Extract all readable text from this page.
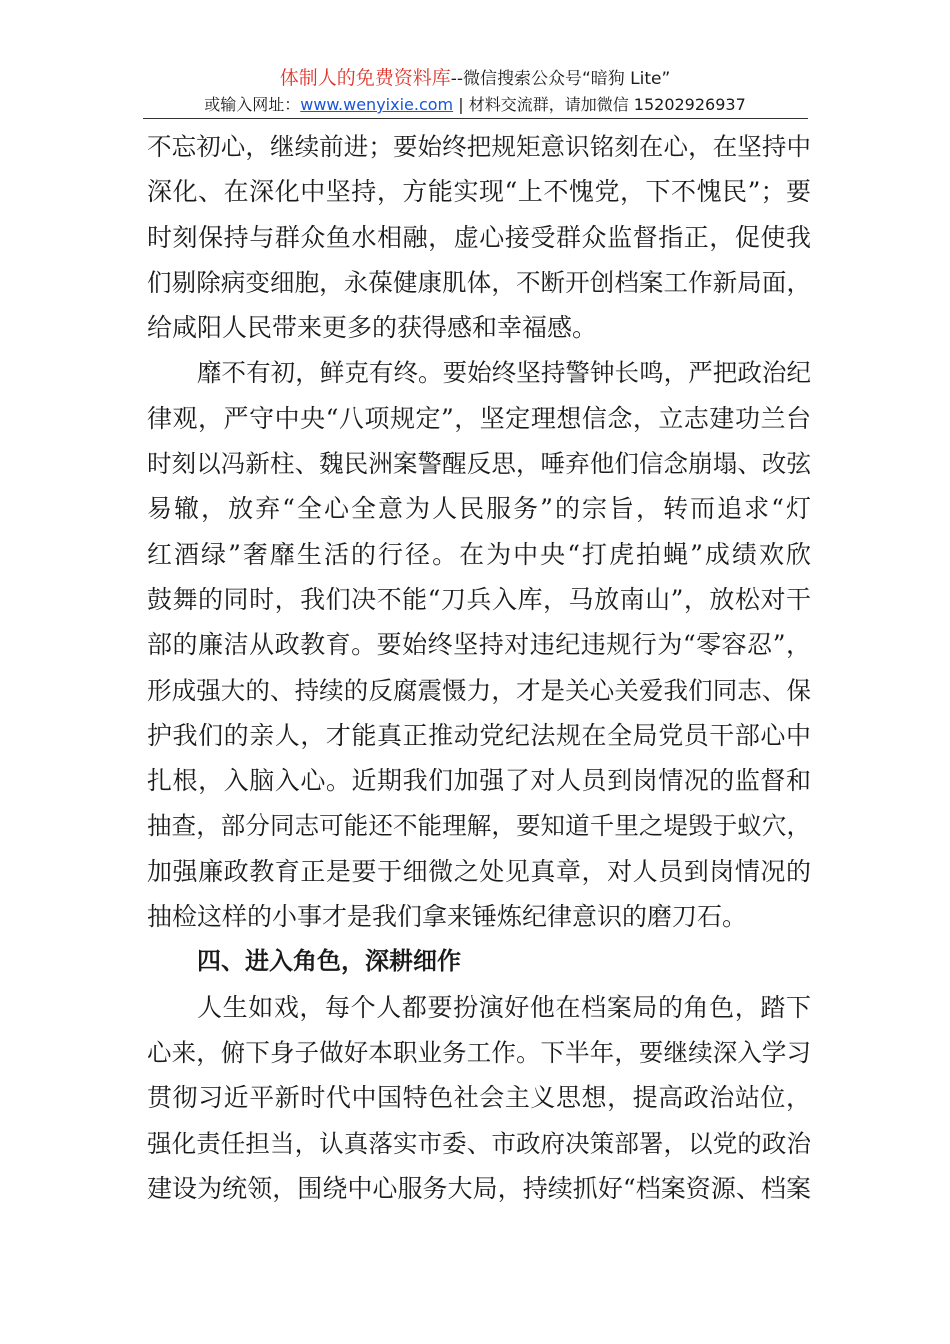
体制人的免费资料库--微信搜索公众号“暗狗 Lite”
或输入网址：www.wenyixie.com | 材料交流群，请加微信 15202926937
不忘初心，继续前进；要始终把规矩意识铭刻在心，在坚持中
深化、在深化中坚持，方能实现“上不愧党，下不愧民”；要
时刻保持与群众鱼水相融，虚心接受群众监督指正，促使我
们剔除病变细胞，永葆健康肌体，不断开创档案工作新局面，
给咸阳人民带来更多的获得感和幸福感。
靡不有初，鲜克有终。要始终坚持警钟长鸣，严把政治纪
律观，严守中央“八项规定”，坚定理想信念，立志建功兰台
时刻以冯新柱、魏民洲案警醒反思，唾弃他们信念崩塌、改弦
易辙，放弃“全心全意为人民服务”的宗旨，转而追求“灯
红酒绿”奢靡生活的行径。在为中央“打虎拍蝇”成绩欢欣
鼓舞的同时，我们决不能“刀兵入库，马放南山”，放松对干
部的廉洁从政教育。要始终坚持对违纪违规行为“零容忍”，
形成强大的、持续的反腐震慑力，才是关心关爱我们同志、保
护我们的亲人，才能真正推动党纪法规在全局党员干部心中
扎根，入脑入心。近期我们加强了对人员到岗情况的监督和
抽查，部分同志可能还不能理解，要知道千里之堤毁于蚁穴，
加强廉政教育正是要于细微之处见真章，对人员到岗情况的
抽检这样的小事才是我们拿来锤炼纪律意识的磨刀石。
四、进入角色，深耕细作
人生如戏，每个人都要扮演好他在档案局的角色，踏下
心来，俯下身子做好本职业务工作。下半年，要继续深入学习
贯彻习近平新时代中国特色社会主义思想，提高政治站位，
强化责任担当，认真落实市委、市政府决策部署，以党的政治
建设为统领，围绕中心服务大局，持续抓好“档案资源、档案
